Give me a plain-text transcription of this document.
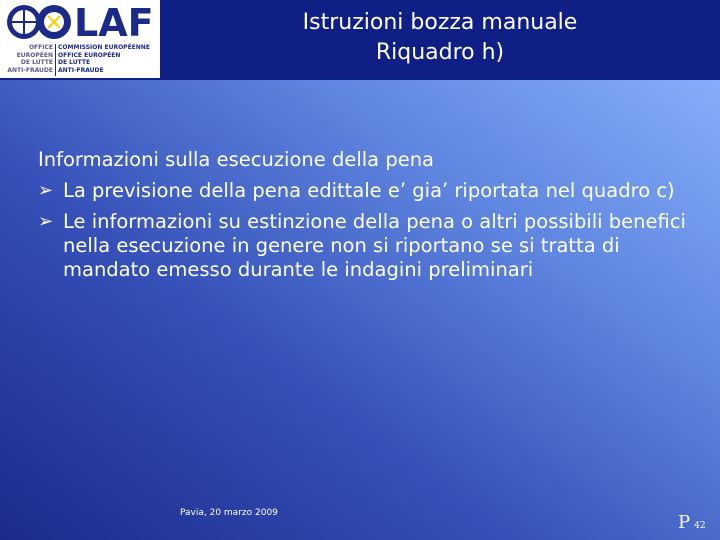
LAF
OFFICE
EUROPÉEN
DE LUTTE
ANTI-FRAUDE
COMMISSION EUROPÉENNE
OFFICE EUROPÉEN
DE LUTTE
ANTI-FRAUDE
Istruzioni bozza manuale
Riquadro h)
Informazioni sulla esecuzione della pena
➢ La previsione della pena edittale e’ gia’ riportata nel quadro c)
➢ Le informazioni su estinzione della pena o altri possibili benefici nella esecuzione in genere non si riportano se si tratta di mandato emesso durante le indagini preliminari
Pavia, 20 marzo 2009	P 42
